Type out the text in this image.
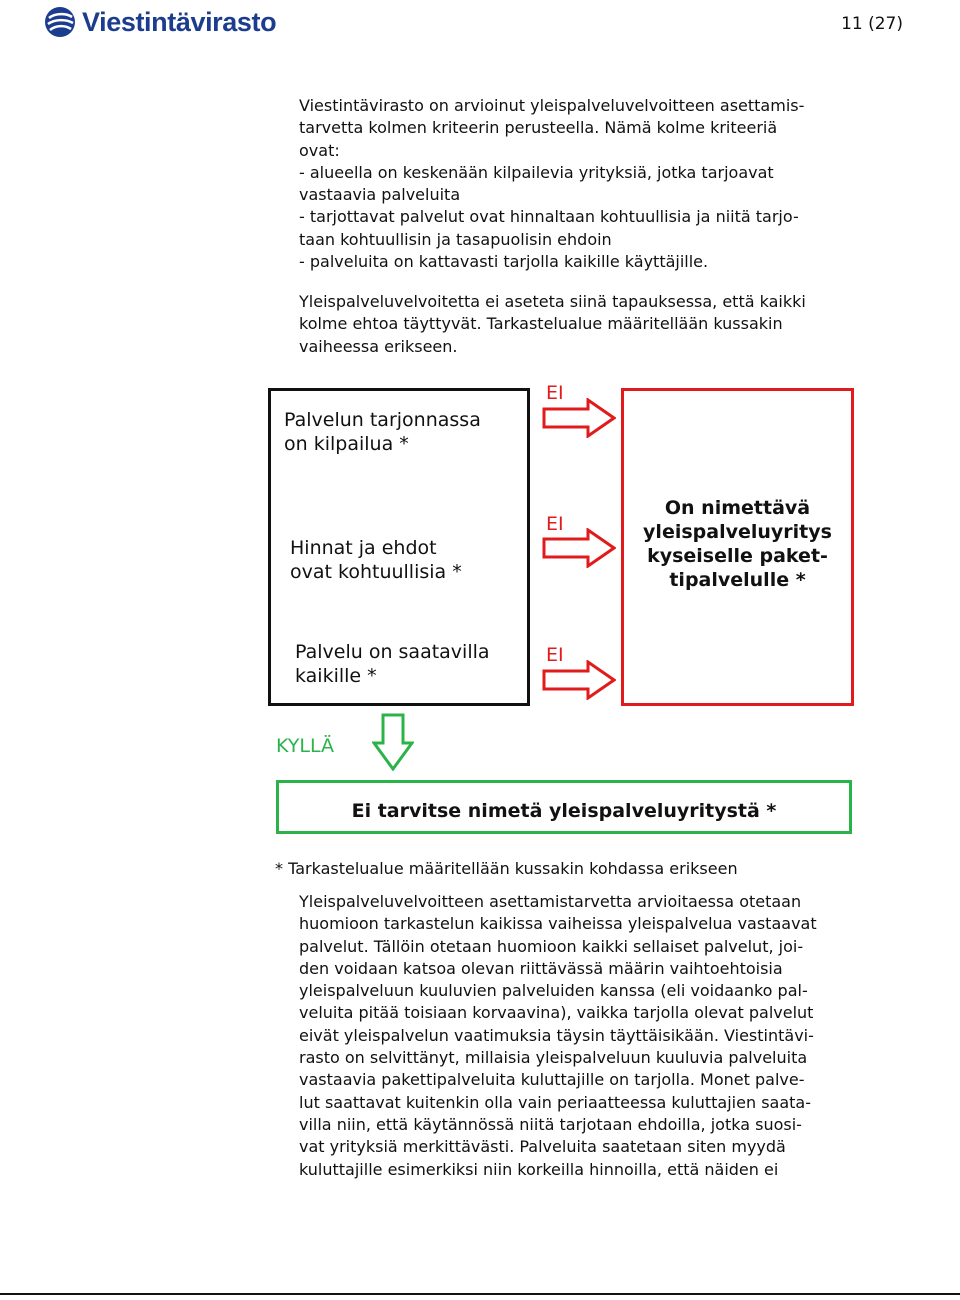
Viestintävirasto	11 (27)
Viestintävirasto on arvioinut yleispalveluvelvoitteen asettamis-
tarvetta kolmen kriteerin perusteella. Nämä kolme kriteeriä
ovat:
- alueella on keskenään kilpailevia yrityksiä, jotka tarjoavat
vastaavia palveluita
- tarjottavat palvelut ovat hinnaltaan kohtuullisia ja niitä tarjo-
taan kohtuullisin ja tasapuolisin ehdoin
- palveluita on kattavasti tarjolla kaikille käyttäjille.
Yleispalveluvelvoitetta ei aseteta siinä tapauksessa, että kaikki
kolme ehtoa täyttyvät. Tarkastelualue määritellään kussakin
vaiheessa erikseen.
Palvelun tarjonnassa
on kilpailua *
Hinnat ja ehdot
ovat kohtuullisia *
Palvelu on saatavilla
kaikille *
EI
EI
EI
On nimettävä
yleispalveluyritys
kyseiselle paket-
tipalvelulle *
KYLLÄ
Ei tarvitse nimetä yleispalveluyritystä *
* Tarkastelualue määritellään kussakin kohdassa erikseen
Yleispalveluvelvoitteen asettamistarvetta arvioitaessa otetaan
huomioon tarkastelun kaikissa vaiheissa yleispalvelua vastaavat
palvelut. Tällöin otetaan huomioon kaikki sellaiset palvelut, joi-
den voidaan katsoa olevan riittävässä määrin vaihtoehtoisia
yleispalveluun kuuluvien palveluiden kanssa (eli voidaanko pal-
veluita pitää toisiaan korvaavina), vaikka tarjolla olevat palvelut
eivät yleispalvelun vaatimuksia täysin täyttäisikään. Viestintävi-
rasto on selvittänyt, millaisia yleispalveluun kuuluvia palveluita
vastaavia pakettipalveluita kuluttajille on tarjolla. Monet palve-
lut saattavat kuitenkin olla vain periaatteessa kuluttajien saata-
villa niin, että käytännössä niitä tarjotaan ehdoilla, jotka suosi-
vat yrityksiä merkittävästi. Palveluita saatetaan siten myydä
kuluttajille esimerkiksi niin korkeilla hinnoilla, että näiden ei
